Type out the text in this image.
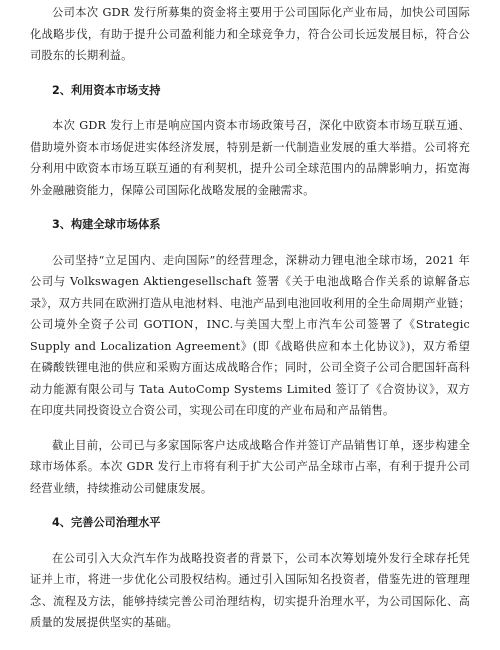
公司本次 GDR 发行所募集的资金将主要用于公司国际化产业布局，加快公司国际化战略步伐，有助于提升公司盈利能力和全球竞争力，符合公司长远发展目标，符合公司股东的长期利益。

2、利用资本市场支持

本次 GDR 发行上市是响应国内资本市场政策号召，深化中欧资本市场互联互通、借助境外资本市场促进实体经济发展，特别是新一代制造业发展的重大举措。公司将充分利用中欧资本市场互联互通的有利契机，提升公司全球范围内的品牌影响力，拓宽海外金融融资能力，保障公司国际化战略发展的金融需求。

3、构建全球市场体系

公司坚持“立足国内、走向国际”的经营理念，深耕动力锂电池全球市场，2021 年公司与 Volkswagen Aktiengesellschaft 签署《关于电池战略合作关系的谅解备忘录》，双方共同在欧洲打造从电池材料、电池产品到电池回收利用的全生命周期产业链；公司境外全资子公司 GOTION，INC.与美国大型上市汽车公司签署了《Strategic Supply and Localization Agreement》(即《战略供应和本土化协议》)，双方希望在磷酸铁锂电池的供应和采购方面达成战略合作；同时，公司全资子公司合肥国轩高科动力能源有限公司与 Tata AutoComp Systems Limited 签订了《合资协议》，双方在印度共同投资设立合资公司，实现公司在印度的产业布局和产品销售。

截止目前，公司已与多家国际客户达成战略合作并签订产品销售订单，逐步构建全球市场体系。本次 GDR 发行上市将有利于扩大公司产品全球市占率，有利于提升公司经营业绩，持续推动公司健康发展。

4、完善公司治理水平

在公司引入大众汽车作为战略投资者的背景下，公司本次筹划境外发行全球存托凭证并上市，将进一步优化公司股权结构。通过引入国际知名投资者，借鉴先进的管理理念、流程及方法，能够持续完善公司治理结构，切实提升治理水平，为公司国际化、高质量的发展提供坚实的基础。
